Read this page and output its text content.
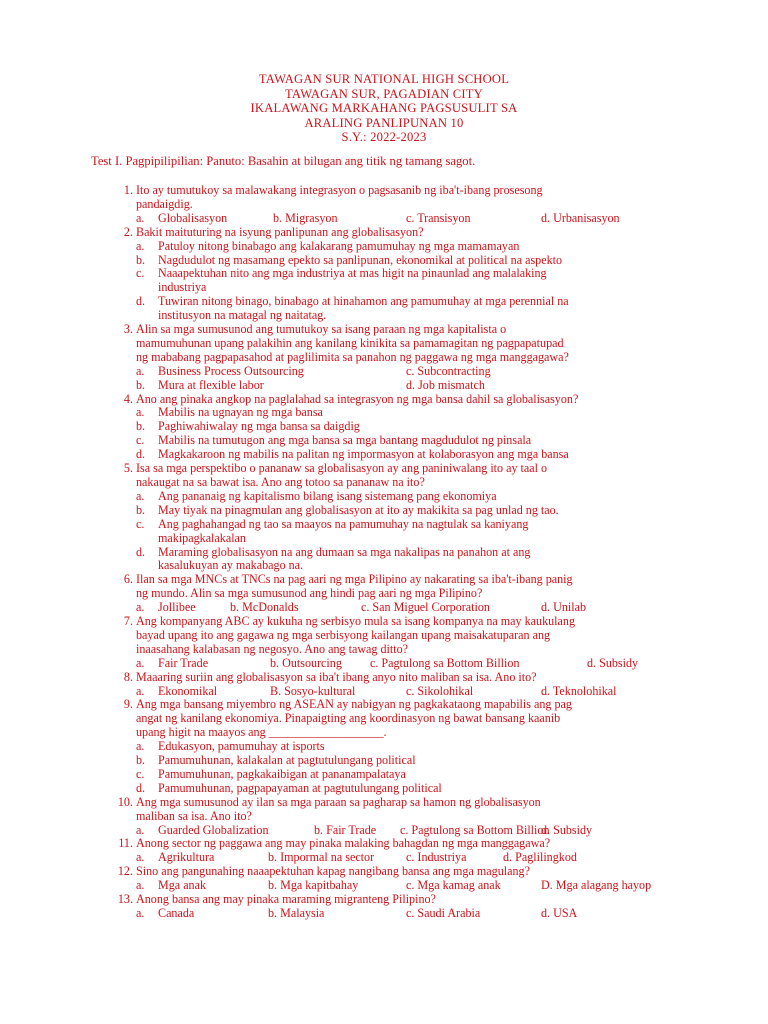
TAWAGAN SUR NATIONAL HIGH SCHOOL
TAWAGAN SUR, PAGADIAN CITY
IKALAWANG MARKAHANG PAGSUSULIT SA
ARALING PANLIPUNAN 10
S.Y.: 2022-2023
Test I. Pagpipilipilian: Panuto: Basahin at bilugan ang titik ng tamang sagot.
1. Ito ay tumutukoy sa malawakang integrasyon o pagsasanib ng iba't-ibang prosesong
pandaigdig.
a. Globalisasyon	b. Migrasyon	c. Transisyon	d. Urbanisasyon
2. Bakit maituturing na isyung panlipunan ang globalisasyon?
a. Patuloy nitong binabago ang kalakarang pamumuhay ng mga mamamayan
b. Nagdudulot ng masamang epekto sa panlipunan, ekonomikal at political na aspekto
c. Naaapektuhan nito ang mga industriya at mas higit na pinaunlad ang malalaking
industriya
d. Tuwiran nitong binago, binabago at hinahamon ang pamumuhay at mga perennial na
institusyon na matagal ng naitatag.
3. Alin sa mga sumusunod ang tumutukoy sa isang paraan ng mga kapitalista o
mamumuhunan upang palakihin ang kanilang kinikita sa pamamagitan ng pagpapatupad
ng mababang pagpapasahod at paglilimita sa panahon ng paggawa ng mga manggagawa?
a. Business Process Outsourcing	c. Subcontracting
b. Mura at flexible labor	d. Job mismatch
4. Ano ang pinaka angkop na paglalahad sa integrasyon ng mga bansa dahil sa globalisasyon?
a. Mabilis na ugnayan ng mga bansa
b. Paghiwahiwalay ng mga bansa sa daigdig
c. Mabilis na tumutugon ang mga bansa sa mga bantang magdudulot ng pinsala
d. Magkakaroon ng mabilis na palitan ng impormasyon at kolaborasyon ang mga bansa
5. Isa sa mga perspektibo o pananaw sa globalisasyon ay ang paniniwalang ito ay taal o
nakaugat na sa bawat isa. Ano ang totoo sa pananaw na ito?
a. Ang pananaig ng kapitalismo bilang isang sistemang pang ekonomiya
b. May tiyak na pinagmulan ang globalisasyon at ito ay makikita sa pag unlad ng tao.
c. Ang paghahangad ng tao sa maayos na pamumuhay na nagtulak sa kaniyang
makipagkalakalan
d. Maraming globalisasyon na ang dumaan sa mga nakalipas na panahon at ang
kasalukuyan ay makabago na.
6. Ilan sa mga MNCs at TNCs na pag aari ng mga Pilipino ay nakarating sa iba't-ibang panig
ng mundo. Alin sa mga sumusunod ang hindi pag aari ng mga Pilipino?
a. Jollibee	b. McDonalds	c. San Miguel Corporation	d. Unilab
7. Ang kompanyang ABC ay kukuha ng serbisyo mula sa isang kompanya na may kaukulang
bayad upang ito ang gagawa ng mga serbisyong kailangan upang maisakatuparan ang
inaasahang kalabasan ng negosyo. Ano ang tawag ditto?
a. Fair Trade	b. Outsourcing c. Pagtulong sa Bottom Billion	d. Subsidy
8. Maaaring suriin ang globalisasyon sa iba't ibang anyo nito maliban sa isa. Ano ito?
a. Ekonomikal	B. Sosyo-kultural	c. Sikolohikal	d. Teknolohikal
9. Ang mga bansang miyembro ng ASEAN ay nabigyan ng pagkakataong mapabilis ang pag
angat ng kanilang ekonomiya. Pinapaigting ang koordinasyon ng bawat bansang kaanib
upang higit na maayos ang ___________________.
a. Edukasyon, pamumuhay at isports
b. Pamumuhunan, kalakalan at pagtutulungang political
c. Pamumuhunan, pagkakaibigan at pananampalataya
d. Pamumuhunan, pagpapayaman at pagtutulungang political
10. Ang mga sumusunod ay ilan sa mga paraan sa pagharap sa hamon ng globalisasyon
maliban sa isa. Ano ito?
a. Guarded Globalization	b. Fair Trade c. Pagtulong sa Bottom Billion
d. Subsidy
11. Anong sector ng paggawa ang may pinaka malaking bahagdan ng mga manggagawa?
a. Agrikultura	b. Impormal na sector	c. Industriya	d. Paglilingkod
12. Sino ang pangunahing naaapektuhan kapag nangibang bansa ang mga magulang?
a. Mga anak	b. Mga kapitbahay	c. Mga kamag anak	D. Mga alagang hayop
13. Anong bansa ang may pinaka maraming migranteng Pilipino?
a. Canada	b. Malaysia	c. Saudi Arabia	d. USA
